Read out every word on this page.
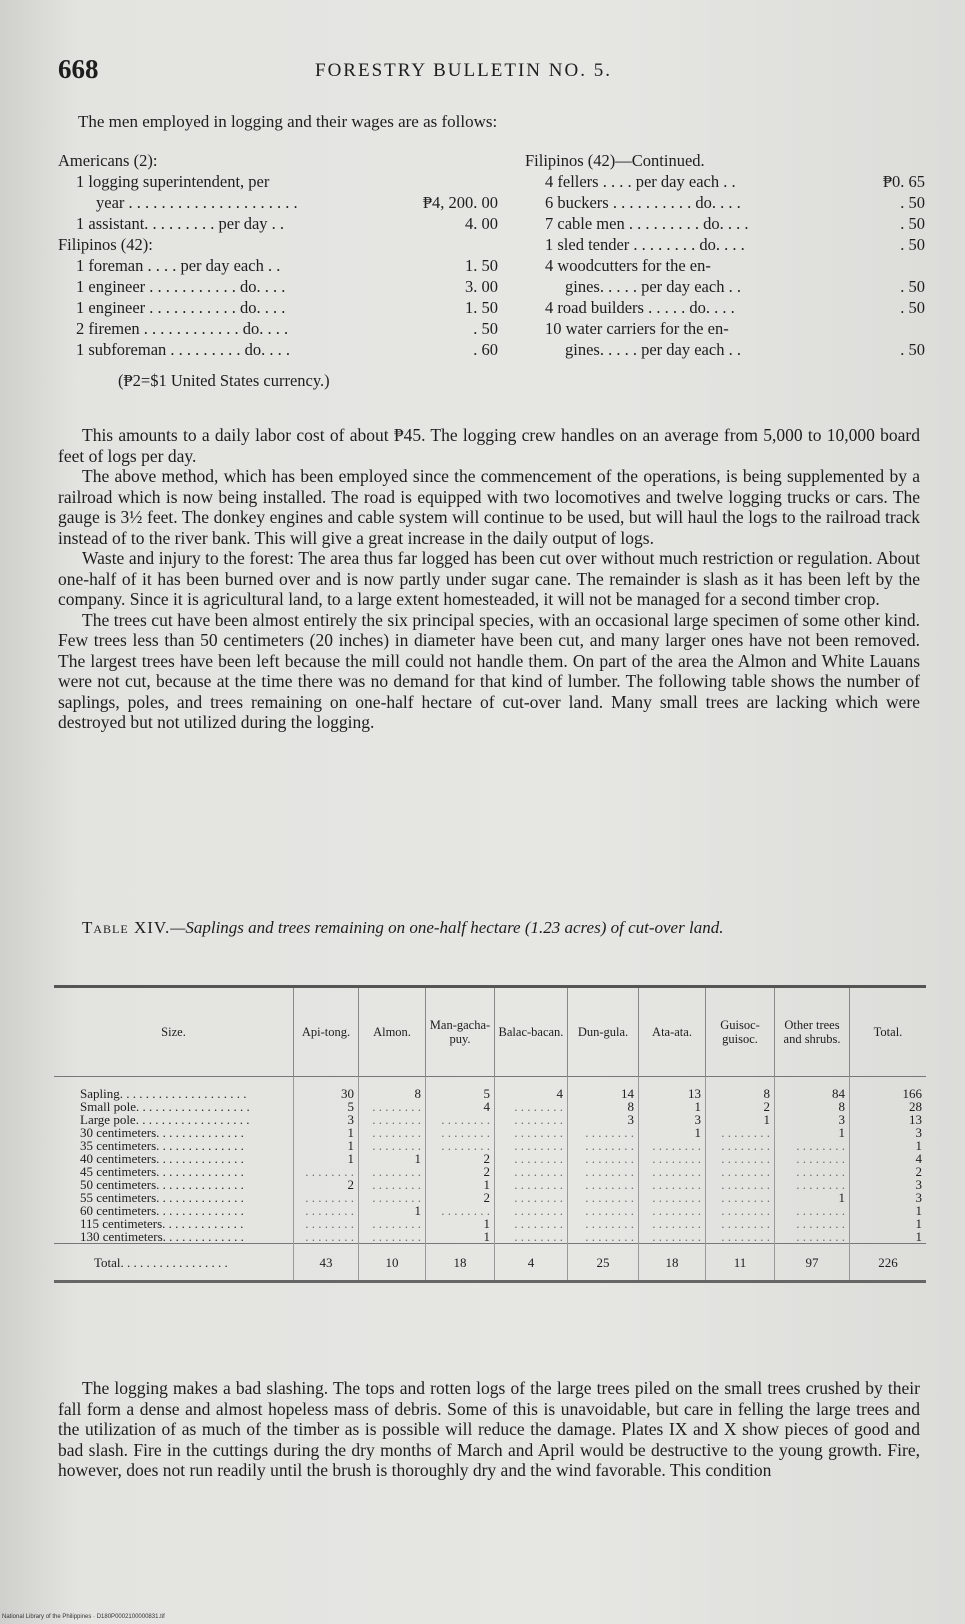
668	FORESTRY BULLETIN NO. 5.
The men employed in logging and their wages are as follows:
Americans (2):
1 logging superintendent, per
year . . . . . . . . . . . . . . . . . . . . .	₱4, 200. 00
1 assistant. . . . . . . . . per day . .	4. 00
Filipinos (42):
1 foreman . . . . per day each . .	1. 50
1 engineer . . . . . . . . . . . do. . . .	3. 00
1 engineer . . . . . . . . . . . do. . . .	1. 50
2 firemen . . . . . . . . . . . . do. . . .	. 50
1 subforeman . . . . . . . . . do. . . .	. 60
(₱2=$1 United States currency.)
Filipinos (42)—Continued.
4 fellers . . . . per day each . .	₱0. 65
6 buckers . . . . . . . . . . do. . . .	. 50
7 cable men . . . . . . . . . do. . . .	. 50
1 sled tender . . . . . . . . do. . . .	. 50
4 woodcutters for the en-
gines. . . . . per day each . .	. 50
4 road builders . . . . . do. . . .	. 50
10 water carriers for the en-
gines. . . . . per day each . .	. 50

This amounts to a daily labor cost of about ₱45. The logging crew handles on an average from 5,000 to 10,000 board feet of logs per day.

The above method, which has been employed since the commencement of the operations, is being supplemented by a railroad which is now being installed. The road is equipped with two locomotives and twelve logging trucks or cars. The gauge is 3½ feet. The donkey engines and cable system will continue to be used, but will haul the logs to the railroad track instead of to the river bank. This will give a great increase in the daily output of logs.

Waste and injury to the forest: The area thus far logged has been cut over without much restriction or regulation. About one-half of it has been burned over and is now partly under sugar cane. The remainder is slash as it has been left by the company. Since it is agricultural land, to a large extent homesteaded, it will not be managed for a second timber crop.

The trees cut have been almost entirely the six principal species, with an occasional large specimen of some other kind. Few trees less than 50 centimeters (20 inches) in diameter have been cut, and many larger ones have not been removed. The largest trees have been left because the mill could not handle them. On part of the area the Almon and White Lauans were not cut, because at the time there was no demand for that kind of lumber. The following table shows the number of saplings, poles, and trees remaining on one-half hectare of cut-over land. Many small trees are lacking which were destroyed but not utilized during the logging.

Table XIV.—Saplings and trees remaining on one-half hectare (1.23 acres) of cut-over land.
Size.	Api-tong.	Almon.	Man-gacha-puy.	Balac-bacan.	Dun-gula.	Ata-ata.	Guisoc-guisoc.	Other trees and shrubs.	Total.
Sapling. . . . . . . . . . . . . . . . . . . .	30	8	5	4	14	13	8	84	166
Small pole. . . . . . . . . . . . . . . . . .	5	. . . . . . . .	4	. . . . . . . .	8	1	2	8	28
Large pole. . . . . . . . . . . . . . . . . .	3	. . . . . . . .	. . . . . . . .	. . . . . . . .	3	3	1	3	13
30 centimeters. . . . . . . . . . . . . .	1	. . . . . . . .	. . . . . . . .	. . . . . . . .	. . . . . . . .	1	. . . . . . . .	1	3
35 centimeters. . . . . . . . . . . . . .	1	. . . . . . . .	. . . . . . . .	. . . . . . . .	. . . . . . . .	. . . . . . . .	. . . . . . . .	. . . . . . . .	1
40 centimeters. . . . . . . . . . . . . .	1	1	2	. . . . . . . .	. . . . . . . .	. . . . . . . .	. . . . . . . .	. . . . . . . .	4
45 centimeters. . . . . . . . . . . . . .	. . . . . . . .	. . . . . . . .	2	. . . . . . . .	. . . . . . . .	. . . . . . . .	. . . . . . . .	. . . . . . . .	2
50 centimeters. . . . . . . . . . . . . .	2	. . . . . . . .	1	. . . . . . . .	. . . . . . . .	. . . . . . . .	. . . . . . . .	. . . . . . . .	3
55 centimeters. . . . . . . . . . . . . .	. . . . . . . .	. . . . . . . .	2	. . . . . . . .	. . . . . . . .	. . . . . . . .	. . . . . . . .	1	3
60 centimeters. . . . . . . . . . . . . .	. . . . . . . .	1	. . . . . . . .	. . . . . . . .	. . . . . . . .	. . . . . . . .	. . . . . . . .	. . . . . . . .	1
115 centimeters. . . . . . . . . . . . .	. . . . . . . .	. . . . . . . .	1	. . . . . . . .	. . . . . . . .	. . . . . . . .	. . . . . . . .	. . . . . . . .	1
130 centimeters. . . . . . . . . . . . .	. . . . . . . .	. . . . . . . .	1	. . . . . . . .	. . . . . . . .	. . . . . . . .	. . . . . . . .	. . . . . . . .	1
Total. . . . . . . . . . . . . . . . .	43	10	18	4	25	18	11	97	226

The logging makes a bad slashing. The tops and rotten logs of the large trees piled on the small trees crushed by their fall form a dense and almost hopeless mass of debris. Some of this is unavoidable, but care in felling the large trees and the utilization of as much of the timber as is possible will reduce the damage. Plates IX and X show pieces of good and bad slash. Fire in the cuttings during the dry months of March and April would be destructive to the young growth. Fire, however, does not run readily until the brush is thoroughly dry and the wind favorable. This condition

National Library of the Philippines · D180P0002100000831.tif
